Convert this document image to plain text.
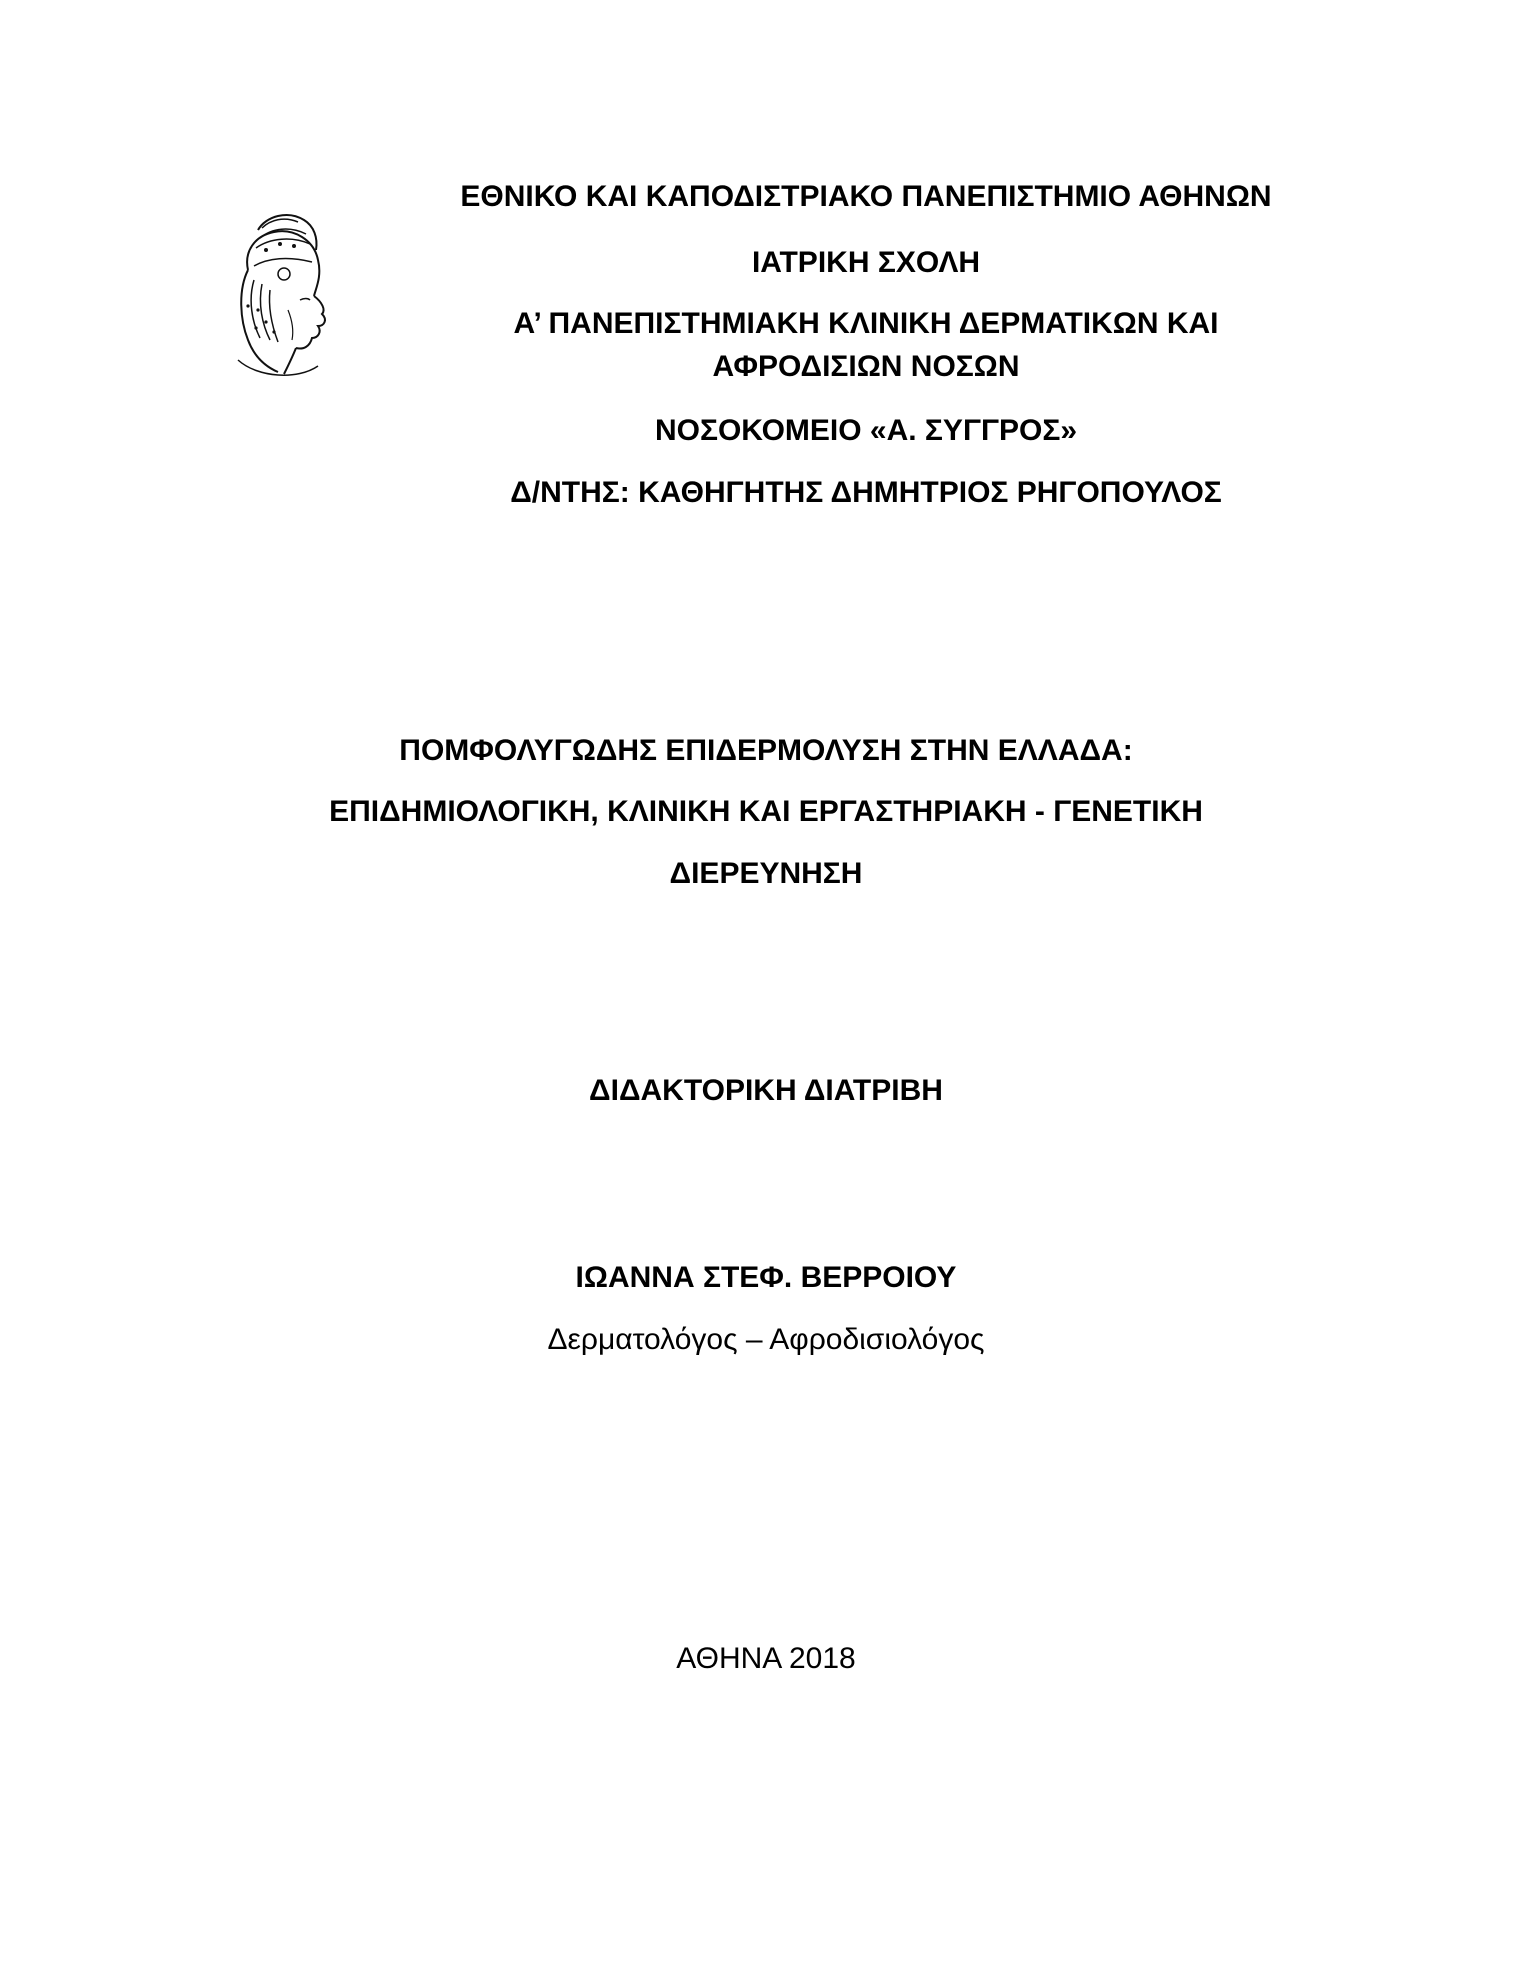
ΕΘΝΙΚΟ ΚΑΙ ΚΑΠΟΔΙΣΤΡΙΑΚΟ ΠΑΝΕΠΙΣΤΗΜΙΟ ΑΘΗΝΩΝ
ΙΑΤΡΙΚΗ ΣΧΟΛΗ
Α’ ΠΑΝΕΠΙΣΤΗΜΙΑΚΗ ΚΛΙΝΙΚΗ ΔΕΡΜΑΤΙΚΩΝ ΚΑΙ
ΑΦΡΟΔΙΣΙΩΝ ΝΟΣΩΝ
ΝΟΣΟΚΟΜΕΙΟ «Α. ΣΥΓΓΡΟΣ»
Δ/ΝΤΗΣ: ΚΑΘΗΓΗΤΗΣ ΔΗΜΗΤΡΙΟΣ ΡΗΓΟΠΟΥΛΟΣ
ΠΟΜΦΟΛΥΓΩΔΗΣ ΕΠΙΔΕΡΜΟΛΥΣΗ ΣΤΗΝ ΕΛΛΑΔΑ:
ΕΠΙΔΗΜΙΟΛΟΓΙΚΗ, ΚΛΙΝΙΚΗ ΚΑΙ ΕΡΓΑΣΤΗΡΙΑΚΗ - ΓΕΝΕΤΙΚΗ
ΔΙΕΡΕΥΝΗΣΗ
ΔΙΔΑΚΤΟΡΙΚΗ ΔΙΑΤΡΙΒΗ
ΙΩΑΝΝΑ ΣΤΕΦ. ΒΕΡΡΟΙΟΥ
Δερματολόγος – Αφροδισιολόγος
ΑΘΗΝΑ 2018
